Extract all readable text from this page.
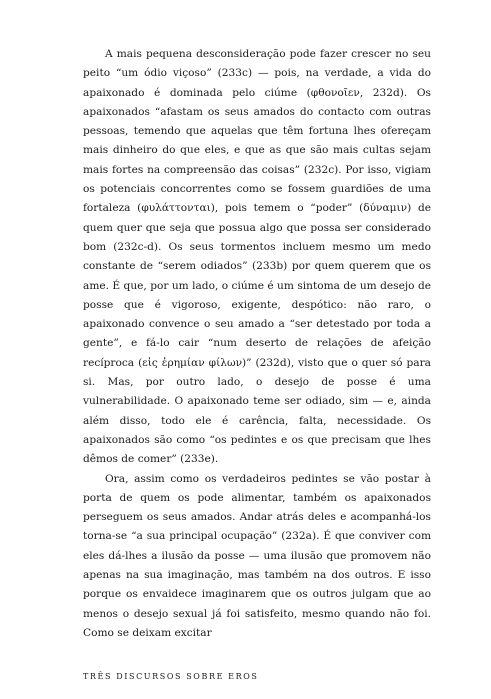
A mais pequena desconsideração pode fazer crescer no seu peito “um ódio viçoso” (233c) — pois, na verdade, a vida do apaixonado é dominada pelo ciúme (φθονοῖεν, 232d). Os apaixonados “afastam os seus amados do contacto com outras pessoas, temendo que aquelas que têm fortuna lhes ofereçam mais dinheiro do que eles, e que as que são mais cultas sejam mais fortes na compreensão das coisas” (232c). Por isso, vigiam os potenciais concorrentes como se fossem guardiões de uma fortaleza (φυλάττονται), pois temem o “poder” (δύναμιν) de quem quer que seja que possua algo que possa ser considerado bom (232c-d). Os seus tormentos incluem mesmo um medo constante de “serem odiados” (233b) por quem querem que os ame. É que, por um lado, o ciúme é um sintoma de um desejo de posse que é vigoroso, exigente, despótico: não raro, o apaixonado convence o seu amado a “ser detestado por toda a gente”, e fá-lo cair “num deserto de relações de afeição recíproca (εἰς ἐρημίαν φίλων)” (232d), visto que o quer só para si. Mas, por outro lado, o desejo de posse é uma vulnerabilidade. O apaixonado teme ser odiado, sim — e, ainda além disso, todo ele é carência, falta, necessidade. Os apaixonados são como “os pedintes e os que precisam que lhes dêmos de comer” (233e).

Ora, assim como os verdadeiros pedintes se vão postar à porta de quem os pode alimentar, também os apaixonados perseguem os seus amados. Andar atrás deles e acompanhá-los torna-se “a sua principal ocupação” (232a). É que conviver com eles dá-lhes a ilusão da posse — uma ilusão que promovem não apenas na sua imaginação, mas também na dos outros. E isso porque os envaidece imaginarem que os outros julgam que ao menos o desejo sexual já foi satisfeito, mesmo quando não foi. Como se deixam excitar

TRÊS DISCURSOS SOBRE EROS
